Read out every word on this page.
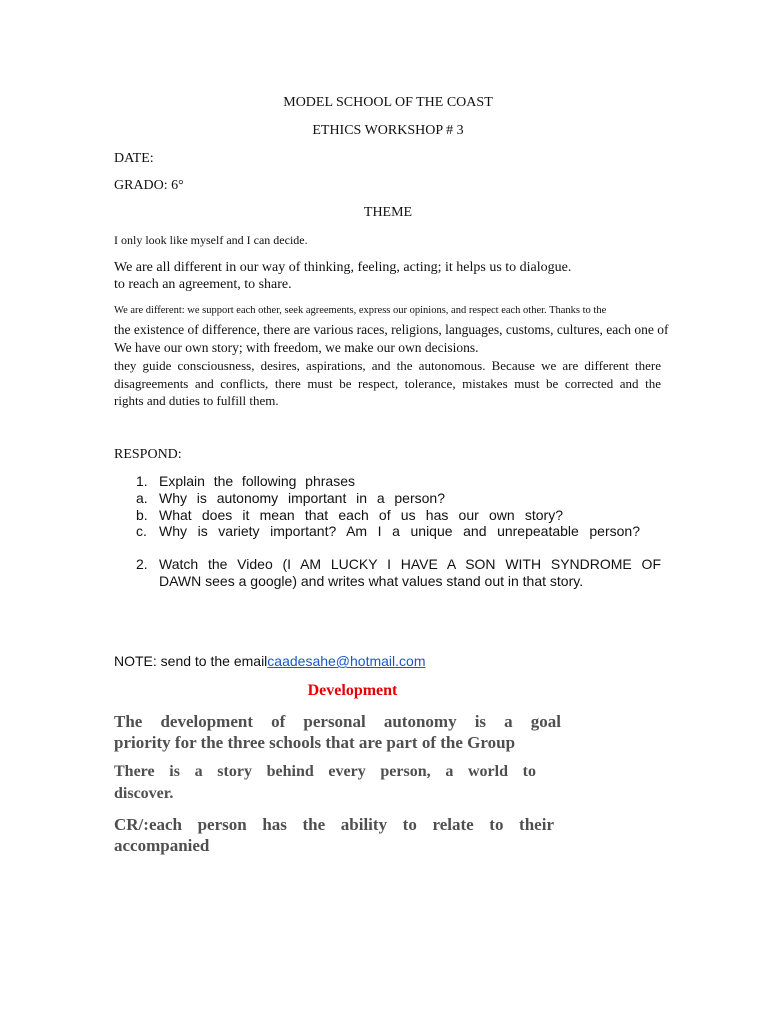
MODEL SCHOOL OF THE COAST
ETHICS WORKSHOP # 3
DATE:
GRADO: 6°
THEME
I only look like myself and I can decide.
We are all different in our way of thinking, feeling, acting; it helps us to dialogue.
to reach an agreement, to share.
We are different: we support each other, seek agreements, express our opinions, and respect each other. Thanks to the
the existence of difference, there are various races, religions, languages, customs, cultures, each one of
We have our own story; with freedom, we make our own decisions.
they guide consciousness, desires, aspirations, and the autonomous. Because we are different there
disagreements and conflicts, there must be respect, tolerance, mistakes must be corrected and the
rights and duties to fulfill them.
RESPOND:
1. Explain the following phrases
a. Why is autonomy important in a person?
b. What does it mean that each of us has our own story?
c. Why is variety important? Am I a unique and unrepeatable person?
2. Watch the Video (I AM LUCKY I HAVE A SON WITH SYNDROME OF
DAWN sees a google) and writes what values stand out in that story.
NOTE: send to the emailcaadesahe@hotmail.com
Development
The development of personal autonomy is a goal
priority for the three schools that are part of the Group
There is a story behind every person, a world to
discover.
CR/:each person has the ability to relate to their
accompanied
